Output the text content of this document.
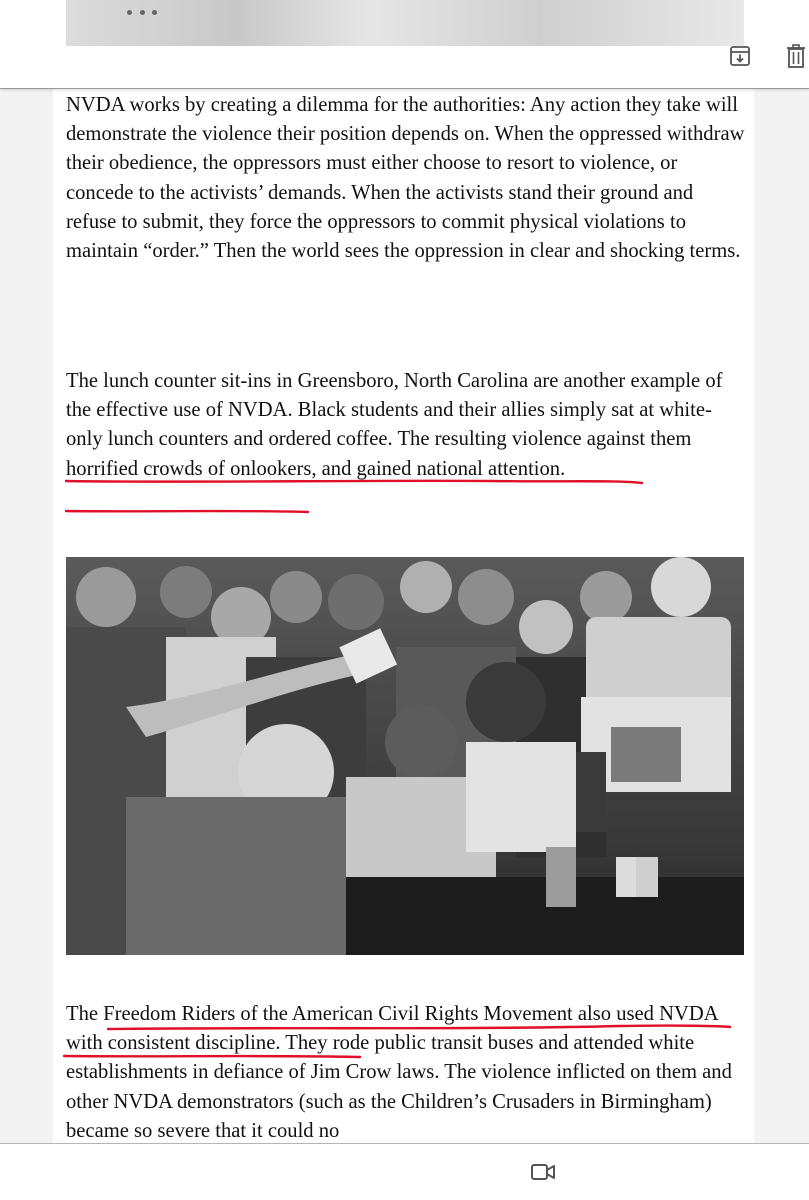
NVDA works by creating a dilemma for the authorities: Any action they take will demonstrate the violence their position depends on. When the oppressed withdraw their obedience, the oppressors must either choose to resort to violence, or concede to the activists’ demands. When the activists stand their ground and refuse to submit, they force the oppressors to commit physical violations to maintain “order.” Then the world sees the oppression in clear and shocking terms.

The lunch counter sit-ins in Greensboro, North Carolina are another example of the effective use of NVDA. Black students and their allies simply sat at white-only lunch counters and ordered coffee. The resulting violence against them horrified crowds of onlookers, and gained national attention.

The Freedom Riders of the American Civil Rights Movement also used NVDA with consistent discipline. They rode public transit buses and attended white establishments in defiance of Jim Crow laws. The violence inflicted on them and other NVDA demonstrators (such as the Children’s Crusaders in Birmingham) became so severe that it could no
